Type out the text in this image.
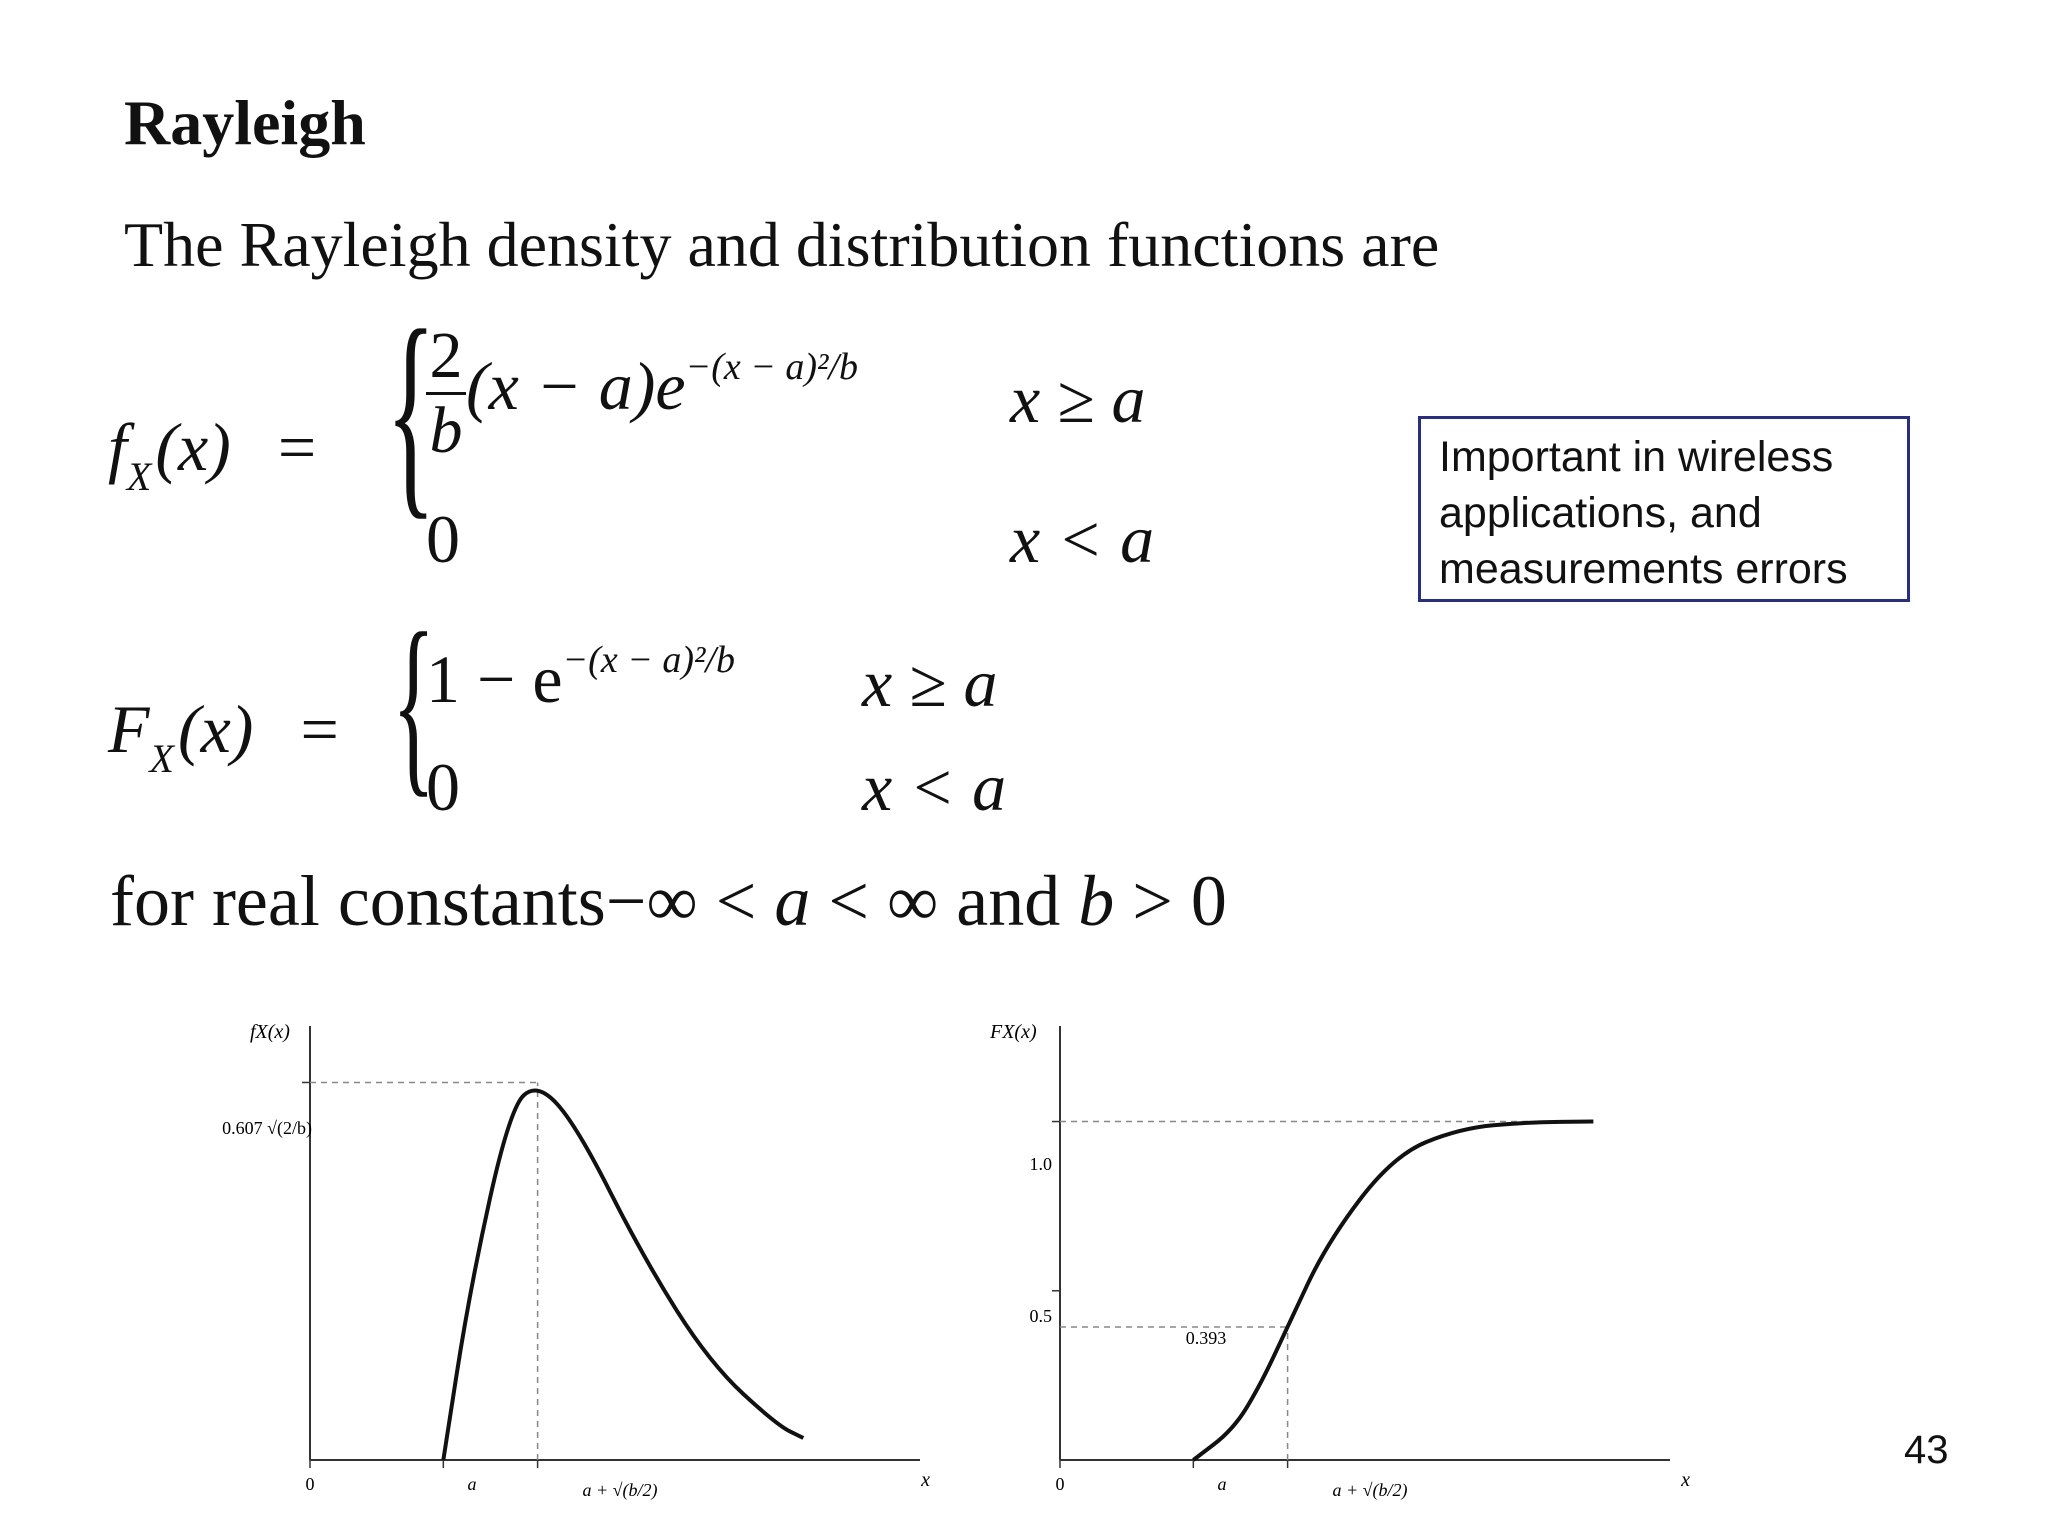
Rayleigh
The Rayleigh density and distribution functions are
$f_X(x)$ = {
$\frac{2}{b} (x - a)e^{-(x - a)^2/b}$ x ≥ a
0	x < a
$F_X(x)$ = {
$1 - e^{-(x - a)^2/b}$ x ≥ a
0	x < a
Important in wireless
applications, and
measurements errors
for real constants−∞ < a < ∞ and b > 0
fX(x)
x
0.607 √(2/b)
0	a	a + √(b/2)
FX(x)
x
1.0
0.5
0.393
0	a	a + √(b/2)
43
